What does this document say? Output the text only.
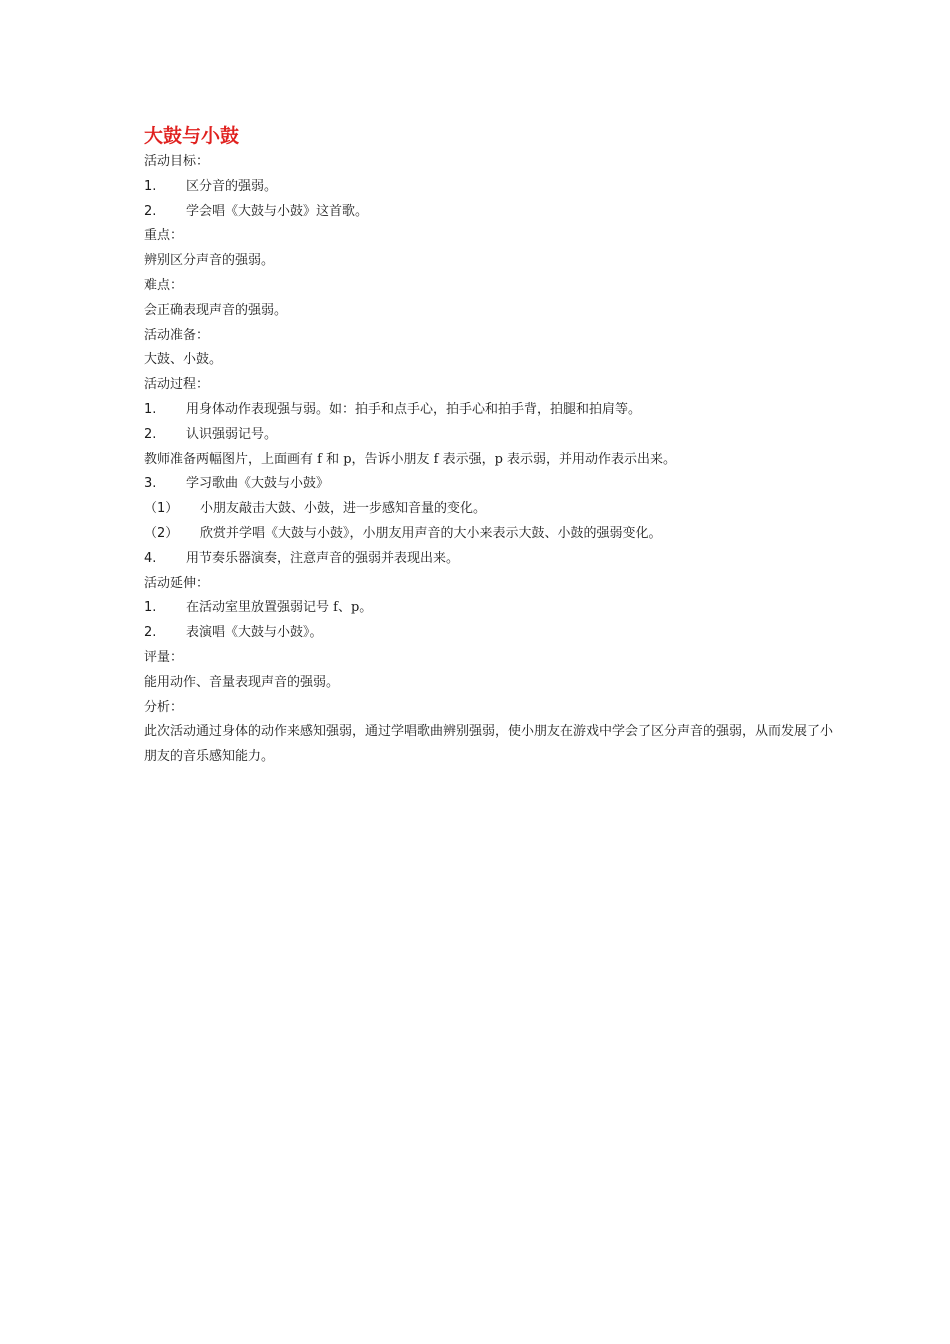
大鼓与小鼓
活动目标：
1. 区分音的强弱。
2. 学会唱《大鼓与小鼓》这首歌。
重点：
辨别区分声音的强弱。
难点：
会正确表现声音的强弱。
活动准备：
大鼓、小鼓。
活动过程：
1. 用身体动作表现强与弱。如：拍手和点手心，拍手心和拍手背，拍腿和拍肩等。
2. 认识强弱记号。
教师准备两幅图片，上面画有 f 和 p，告诉小朋友 f 表示强，p 表示弱，并用动作表示出来。
3. 学习歌曲《大鼓与小鼓》
（1） 小朋友敲击大鼓、小鼓，进一步感知音量的变化。
（2） 欣赏并学唱《大鼓与小鼓》，小朋友用声音的大小来表示大鼓、小鼓的强弱变化。
4. 用节奏乐器演奏，注意声音的强弱并表现出来。
活动延伸：
1. 在活动室里放置强弱记号 f、p。
2. 表演唱《大鼓与小鼓》。
评量：
能用动作、音量表现声音的强弱。
分析：
此次活动通过身体的动作来感知强弱，通过学唱歌曲辨别强弱，使小朋友在游戏中学会了区分声音的强弱，从而发展了小朋友的音乐感知能力。
